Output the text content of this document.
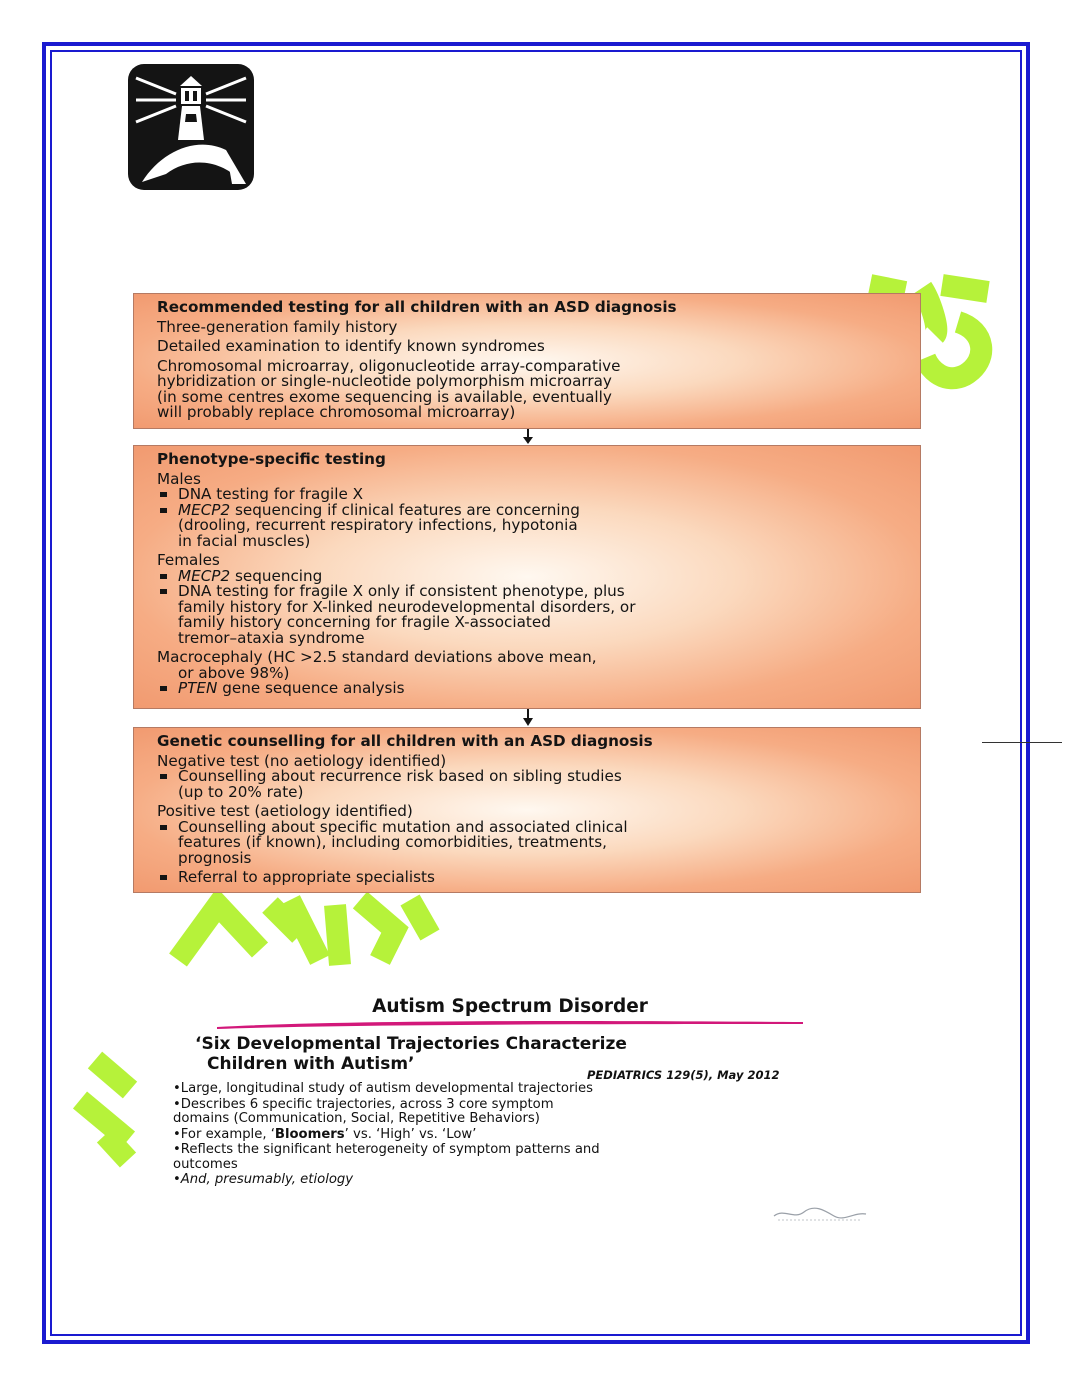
Recommended testing for all children with an ASD diagnosis
Three-generation family history
Detailed examination to identify known syndromes
Chromosomal microarray, oligonucleotide array-comparative
hybridization or single-nucleotide polymorphism microarray
(in some centres exome sequencing is available, eventually
will probably replace chromosomal microarray)
Phenotype-specific testing
Males
DNA testing for fragile X
MECP2 sequencing if clinical features are concerning
(drooling, recurrent respiratory infections, hypotonia
in facial muscles)
Females
MECP2 sequencing
DNA testing for fragile X only if consistent phenotype, plus
family history for X-linked neurodevelopmental disorders, or
family history concerning for fragile X-associated
tremor–ataxia syndrome
Macrocephaly (HC >2.5 standard deviations above mean,
or above 98%)
PTEN gene sequence analysis
Genetic counselling for all children with an ASD diagnosis
Negative test (no aetiology identified)
Counselling about recurrence risk based on sibling studies
(up to 20% rate)
Positive test (aetiology identified)
Counselling about specific mutation and associated clinical
features (if known), including comorbidities, treatments,
prognosis
Referral to appropriate specialists
Autism Spectrum Disorder
‘Six Developmental Trajectories Characterize
Children with Autism’
PEDIATRICS 129(5), May 2012
•Large, longitudinal study of autism developmental trajectories
•Describes 6 specific trajectories, across 3 core symptom
domains (Communication, Social, Repetitive Behaviors)
•For example, ‘Bloomers’ vs. ‘High’ vs. ‘Low’
•Reflects the significant heterogeneity of symptom patterns and
outcomes
•And, presumably, etiology
